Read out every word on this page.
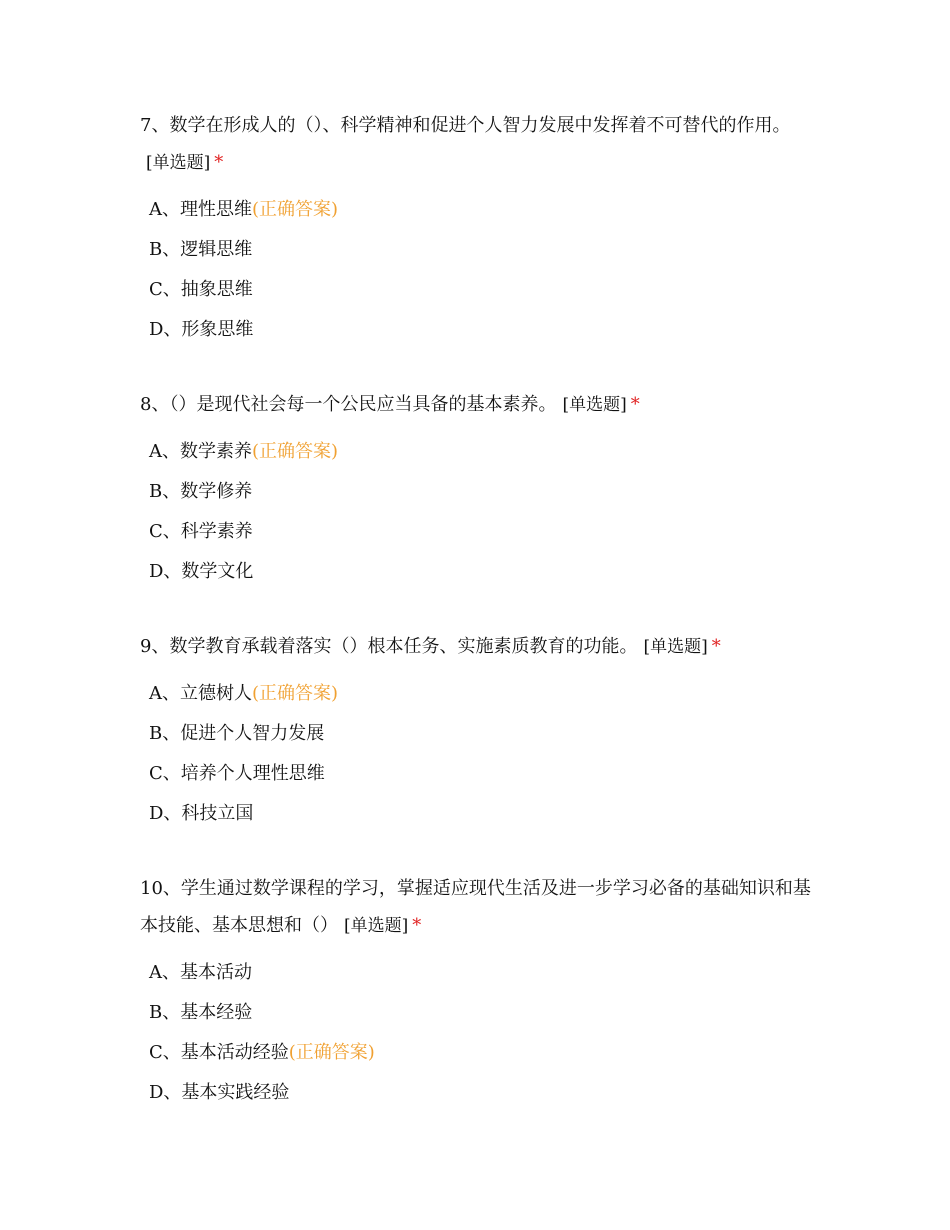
7、数学在形成人的（）、科学精神和促进个人智力发展中发挥着不可替代的作用。[单选题] *

A、理性思维(正确答案)
B、逻辑思维
C、抽象思维
D、形象思维

8、（）是现代社会每一个公民应当具备的基本素养。 [单选题] *

A、数学素养(正确答案)
B、数学修养
C、科学素养
D、数学文化

9、数学教育承载着落实（）根本任务、实施素质教育的功能。 [单选题] *

A、立德树人(正确答案)
B、促进个人智力发展
C、培养个人理性思维
D、科技立国

10、学生通过数学课程的学习，掌握适应现代生活及进一步学习必备的基础知识和基本技能、基本思想和（） [单选题] *

A、基本活动
B、基本经验
C、基本活动经验(正确答案)
D、基本实践经验
